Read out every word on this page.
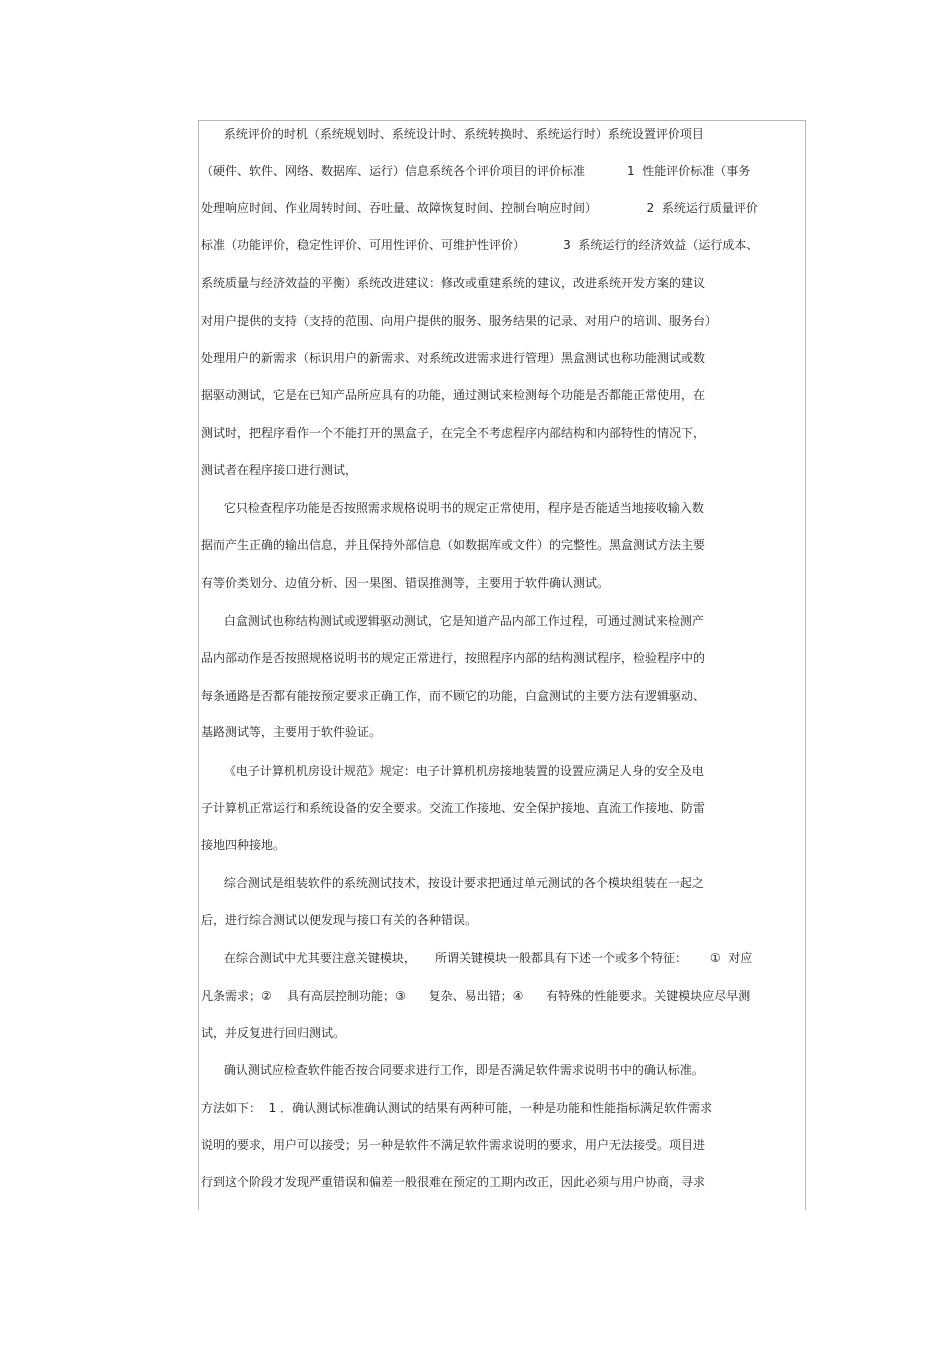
系统评价的时机（系统规划时、系统设计时、系统转换时、系统运行时）系统设置评价项目
（硬件、软件、网络、数据库、运行）信息系统各个评价项目的评价标准           1  性能评价标准（事务
处理响应时间、作业周转时间、吞吐量、故障恢复时间、控制台响应时间）             2  系统运行质量评价
标准（功能评价，稳定性评价、可用性评价、可维护性评价）          3  系统运行的经济效益（运行成本、
系统质量与经济效益的平衡）系统改进建议：修改或重建系统的建议，改进系统开发方案的建议
对用户提供的支持（支持的范围、向用户提供的服务、服务结果的记录、对用户的培训、服务台）
处理用户的新需求（标识用户的新需求、对系统改进需求进行管理）黑盒测试也称功能测试或数
据驱动测试，它是在已知产品所应具有的功能，通过测试来检测每个功能是否都能正常使用，在
测试时，把程序看作一个不能打开的黑盒子，在完全不考虑程序内部结构和内部特性的情况下，
测试者在程序接口进行测试，
它只检查程序功能是否按照需求规格说明书的规定正常使用，程序是否能适当地接收输入数
据而产生正确的输出信息，并且保持外部信息（如数据库或文件）的完整性。黑盒测试方法主要
有等价类划分、边值分析、因一果图、错误推测等，主要用于软件确认测试。
白盒测试也称结构测试或逻辑驱动测试，它是知道产品内部工作过程，可通过测试来检测产
品内部动作是否按照规格说明书的规定正常进行，按照程序内部的结构测试程序，检验程序中的
每条通路是否都有能按预定要求正确工作，而不顾它的功能，白盒测试的主要方法有逻辑驱动、
基路测试等，主要用于软件验证。
《电子计算机机房设计规范》规定：电子计算机机房接地装置的设置应满足人身的安全及电
子计算机正常运行和系统设备的安全要求。交流工作接地、安全保护接地、直流工作接地、防雷
接地四种接地。
综合测试是组装软件的系统测试技术，按设计要求把通过单元测试的各个模块组装在一起之
后，进行综合测试以便发现与接口有关的各种错误。
在综合测试中尤其要注意关键模块，     所谓关键模块一般都具有下述一个或多个特征：      ①  对应
凡条需求；②    具有高层控制功能；③      复杂、易出错；④      有特殊的性能要求。关键模块应尽早测
试，并反复进行回归测试。
确认测试应检查软件能否按合同要求进行工作，即是否满足软件需求说明书中的确认标准。
方法如下：  1 ．确认测试标准确认测试的结果有两种可能，一种是功能和性能指标满足软件需求
说明的要求，用户可以接受；另一种是软件不满足软件需求说明的要求，用户无法接受。项目进
行到这个阶段才发现严重错误和偏差一般很难在预定的工期内改正，因此必须与用户协商，寻求
